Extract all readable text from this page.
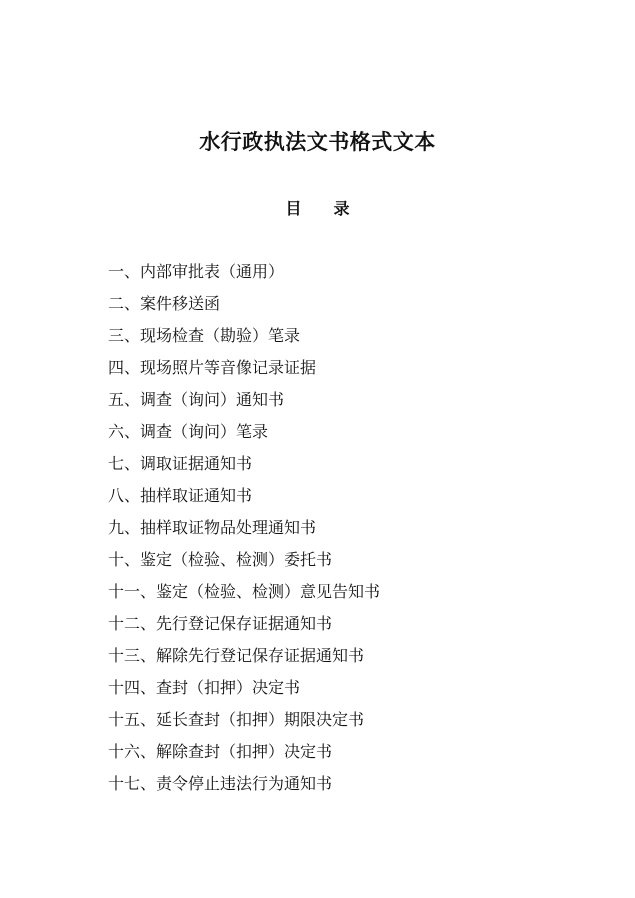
水行政执法文书格式文本
目 录
一、内部审批表（通用）
二、案件移送函
三、现场检查（勘验）笔录
四、现场照片等音像记录证据
五、调查（询问）通知书
六、调查（询问）笔录
七、调取证据通知书
八、抽样取证通知书
九、抽样取证物品处理通知书
十、鉴定（检验、检测）委托书
十一、鉴定（检验、检测）意见告知书
十二、先行登记保存证据通知书
十三、解除先行登记保存证据通知书
十四、查封（扣押）决定书
十五、延长查封（扣押）期限决定书
十六、解除查封（扣押）决定书
十七、责令停止违法行为通知书
